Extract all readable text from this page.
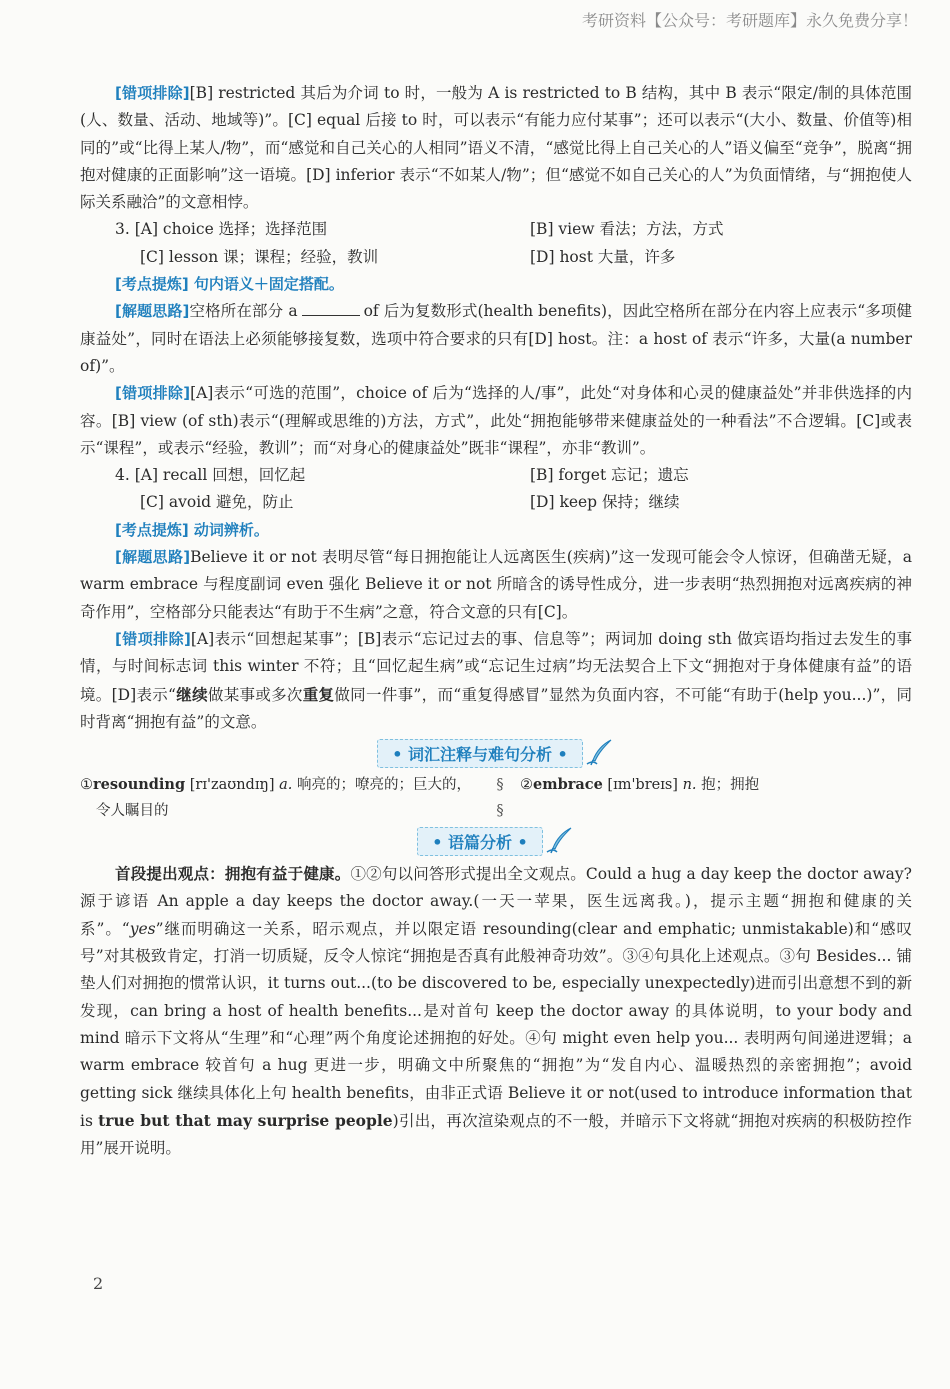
考研资料【公众号：考研题库】永久免费分享！

[错项排除][B] restricted 其后为介词 to 时，一般为 A is restricted to B 结构，其中 B 表示“限定/制的具体范围(人、数量、活动、地域等)”。[C] equal 后接 to 时，可以表示“有能力应付某事”；还可以表示“(大小、数量、价值等)相同的”或“比得上某人/物”，而“感觉和自己关心的人相同”语义不清，“感觉比得上自己关心的人”语义偏至“竞争”，脱离“拥抱对健康的正面影响”这一语境。[D] inferior 表示“不如某人/物”；但“感觉不如自己关心的人”为负面情绪，与“拥抱使人际关系融洽”的文意相悖。

3. [A] choice 选择；选择范围	[B] view 看法；方法，方式
[C] lesson 课；课程；经验，教训	[D] host 大量，许多
[考点提炼] 句内语义＋固定搭配。

[解题思路]空格所在部分 a	of 后为复数形式(health benefits)，因此空格所在部分在内容上应表示“多项健康益处”，同时在语法上必须能够接复数，选项中符合要求的只有[D] host。注：a host of 表示“许多，大量(a number of)”。

[错项排除][A]表示“可选的范围”，choice of 后为“选择的人/事”，此处“对身体和心灵的健康益处”并非供选择的内容。[B] view (of sth)表示“(理解或思维的)方法，方式”，此处“拥抱能够带来健康益处的一种看法”不合逻辑。[C]或表示“课程”，或表示“经验，教训”；而“对身心的健康益处”既非“课程”，亦非“教训”。

4. [A] recall 回想，回忆起	[B] forget 忘记；遗忘
[C] avoid 避免，防止	[D] keep 保持；继续
[考点提炼] 动词辨析。

[解题思路]Believe it or not 表明尽管“每日拥抱能让人远离医生(疾病)”这一发现可能会令人惊讶，但确凿无疑，a warm embrace 与程度副词 even 强化 Believe it or not 所暗含的诱导性成分，进一步表明“热烈拥抱对远离疾病的神奇作用”，空格部分只能表达“有助于不生病”之意，符合文意的只有[C]。

[错项排除][A]表示“回想起某事”；[B]表示“忘记过去的事、信息等”；两词加 doing sth 做宾语均指过去发生的事情，与时间标志词 this winter 不符；且“回忆起生病”或“忘记生过病”均无法契合上下文“拥抱对于身体健康有益”的语境。[D]表示“继续做某事或多次重复做同一件事”，而“重复得感冒”显然为负面内容，不可能“有助于(help you...)”，同时背离“拥抱有益”的文意。

• 词汇注释与难句分析 •
①resounding [rɪ'zaʊndɪŋ] a. 响亮的；嘹亮的；巨大的，
令人瞩目的
§
§
②embrace [ɪm'breɪs] n. 抱；拥抱
• 语篇分析 •

首段提出观点：拥抱有益于健康。①②句以问答形式提出全文观点。Could a hug a day keep the doctor away? 源于谚语 An apple a day keeps the doctor away.(一天一苹果，医生远离我。)，提示主题“拥抱和健康的关系”。“yes”继而明确这一关系，昭示观点，并以限定语 resounding(clear and emphatic; unmistakable)和“感叹号”对其极致肯定，打消一切质疑，反令人惊诧“拥抱是否真有此般神奇功效”。③④句具化上述观点。③句 Besides... 铺垫人们对拥抱的惯常认识，it turns out...(to be discovered to be, especially unexpectedly)进而引出意想不到的新发现，can bring a host of health benefits...是对首句 keep the doctor away 的具体说明，to your body and mind 暗示下文将从“生理”和“心理”两个角度论述拥抱的好处。④句 might even help you... 表明两句间递进逻辑；a warm embrace 较首句 a hug 更进一步，明确文中所聚焦的“拥抱”为“发自内心、温暖热烈的亲密拥抱”；avoid getting sick 继续具体化上句 health benefits，由非正式语 Believe it or not(used to introduce information that is true but that may surprise people)引出，再次渲染观点的不一般，并暗示下文将就“拥抱对疾病的积极防控作用”展开说明。

2
